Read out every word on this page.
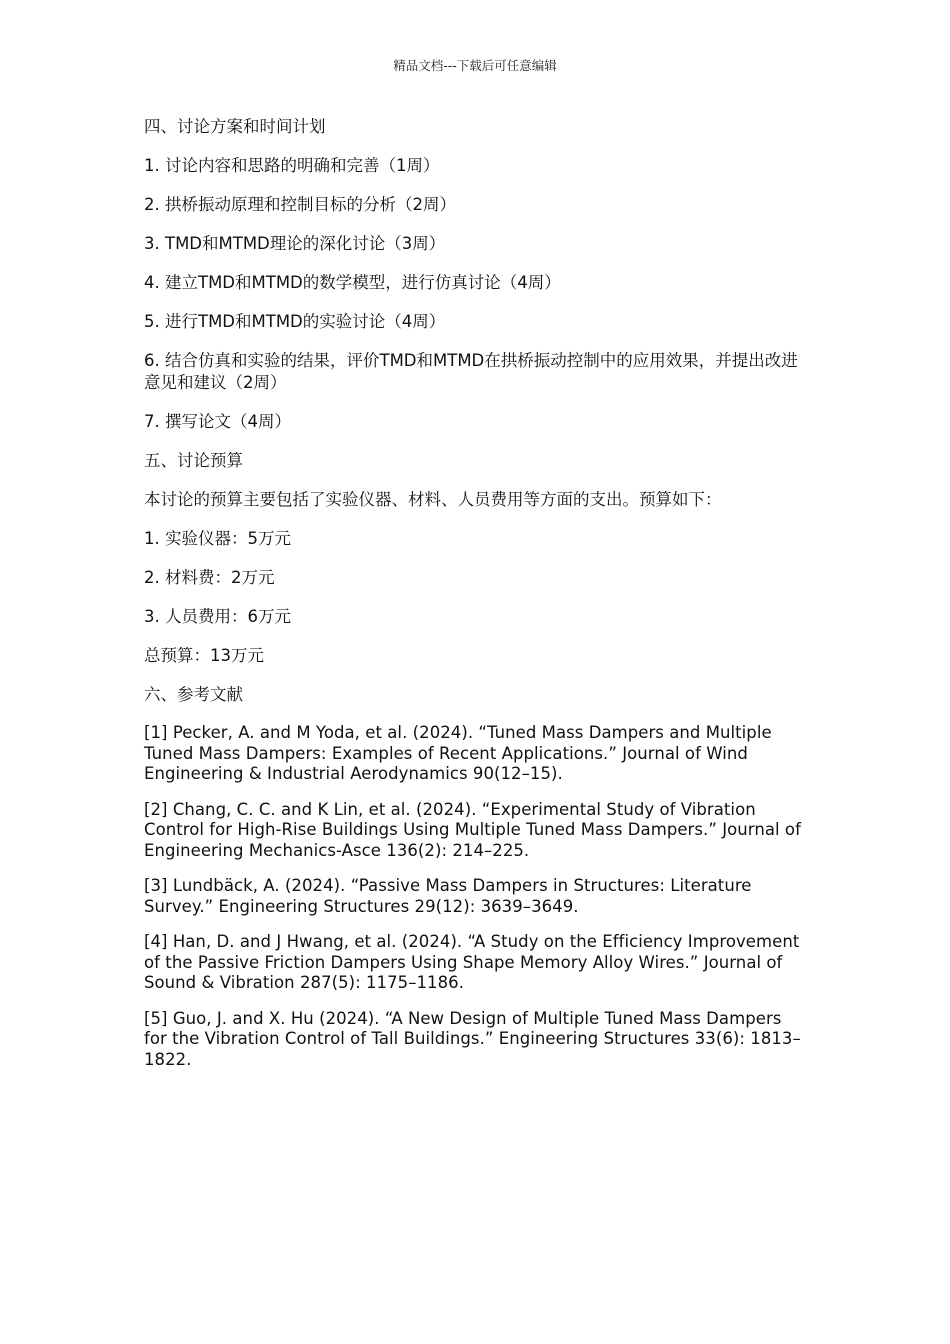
精品文档---下载后可任意编辑

四、讨论方案和时间计划

1. 讨论内容和思路的明确和完善（1周）

2. 拱桥振动原理和控制目标的分析（2周）

3. TMD和MTMD理论的深化讨论（3周）

4. 建立TMD和MTMD的数学模型，进行仿真讨论（4周）

5. 进行TMD和MTMD的实验讨论（4周）

6. 结合仿真和实验的结果，评价TMD和MTMD在拱桥振动控制中的应用效果，并提出改进意见和建议（2周）

7. 撰写论文（4周）

五、讨论预算

本讨论的预算主要包括了实验仪器、材料、人员费用等方面的支出。预算如下：

1. 实验仪器：5万元

2. 材料费：2万元

3. 人员费用：6万元

总预算：13万元

六、参考文献

[1] Pecker, A. and M Yoda, et al. (2024). “Tuned Mass Dampers and Multiple Tuned Mass Dampers: Examples of Recent Applications.” Journal of Wind Engineering & Industrial Aerodynamics 90(12–15).

[2] Chang, C. C. and K Lin, et al. (2024). “Experimental Study of Vibration Control for High-Rise Buildings Using Multiple Tuned Mass Dampers.” Journal of Engineering Mechanics-Asce 136(2): 214–225.

[3] Lundbäck, A. (2024). “Passive Mass Dampers in Structures: Literature Survey.” Engineering Structures 29(12): 3639–3649.

[4] Han, D. and J Hwang, et al. (2024). “A Study on the Efficiency Improvement of the Passive Friction Dampers Using Shape Memory Alloy Wires.” Journal of Sound & Vibration 287(5): 1175–1186.

[5] Guo, J. and X. Hu (2024). “A New Design of Multiple Tuned Mass Dampers for the Vibration Control of Tall Buildings.” Engineering Structures 33(6): 1813–1822.
